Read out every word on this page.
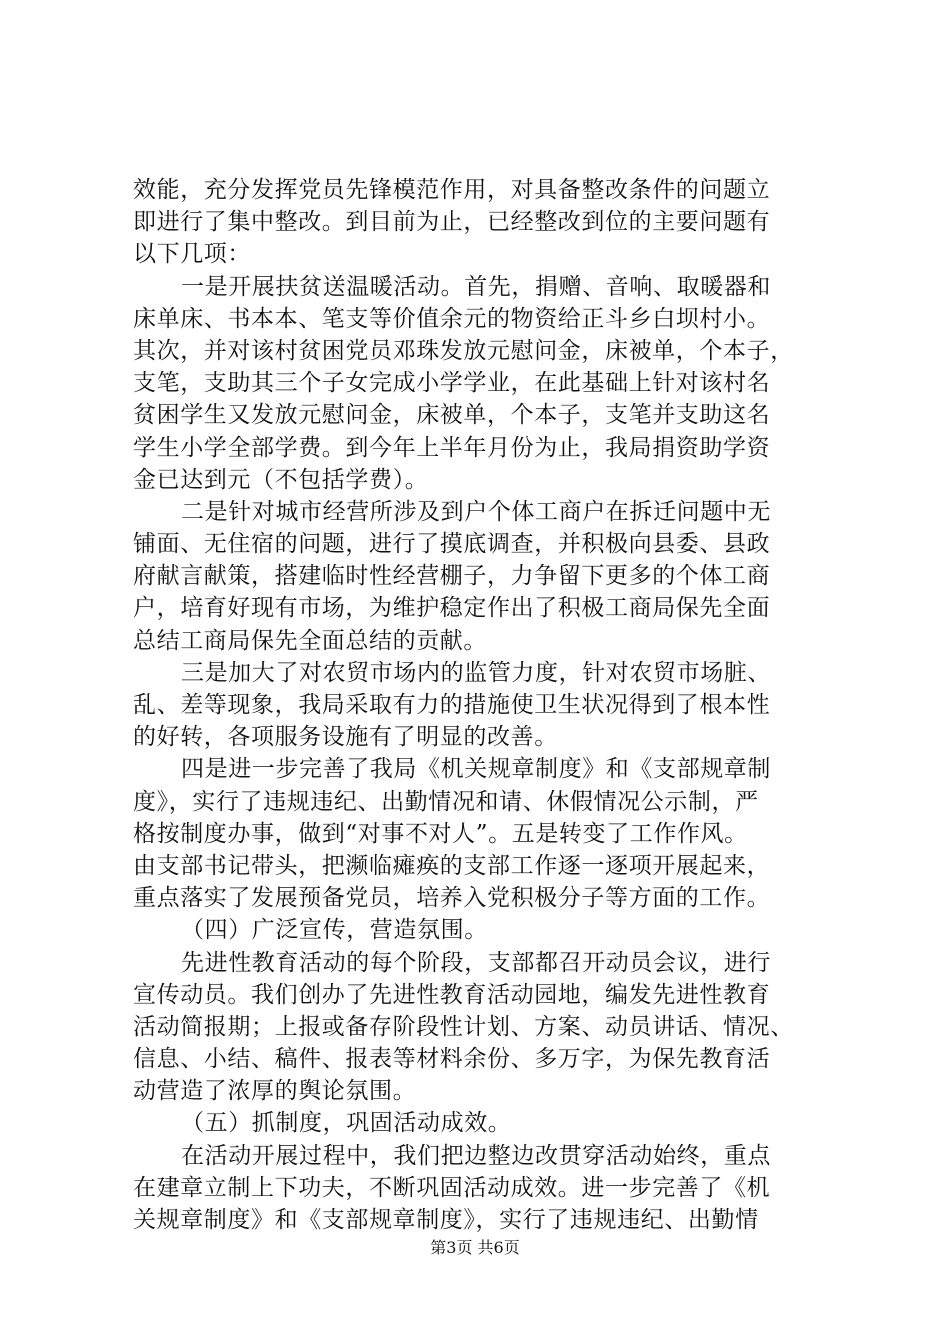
效能，充分发挥党员先锋模范作用，对具备整改条件的问题立
即进行了集中整改。到目前为止，已经整改到位的主要问题有
以下几项：
一是开展扶贫送温暖活动。首先，捐赠、音响、取暖器和
床单床、书本本、笔支等价值余元的物资给正斗乡白坝村小。
其次，并对该村贫困党员邓珠发放元慰问金，床被单，个本子，
支笔，支助其三个子女完成小学学业，在此基础上针对该村名
贫困学生又发放元慰问金，床被单，个本子，支笔并支助这名
学生小学全部学费。到今年上半年月份为止，我局捐资助学资
金已达到元（不包括学费）。
二是针对城市经营所涉及到户个体工商户在拆迁问题中无
铺面、无住宿的问题，进行了摸底调查，并积极向县委、县政
府献言献策，搭建临时性经营棚子，力争留下更多的个体工商
户，培育好现有市场，为维护稳定作出了积极工商局保先全面
总结工商局保先全面总结的贡献。
三是加大了对农贸市场内的监管力度，针对农贸市场脏、
乱、差等现象，我局采取有力的措施使卫生状况得到了根本性
的好转，各项服务设施有了明显的改善。
四是进一步完善了我局《机关规章制度》和《支部规章制
度》，实行了违规违纪、出勤情况和请、休假情况公示制，严
格按制度办事，做到“对事不对人”。五是转变了工作作风。
由支部书记带头，把濒临瘫痪的支部工作逐一逐项开展起来，
重点落实了发展预备党员，培养入党积极分子等方面的工作。
（四）广泛宣传，营造氛围。
先进性教育活动的每个阶段，支部都召开动员会议，进行
宣传动员。我们创办了先进性教育活动园地，编发先进性教育
活动简报期；上报或备存阶段性计划、方案、动员讲话、情况、
信息、小结、稿件、报表等材料余份、多万字，为保先教育活
动营造了浓厚的舆论氛围。
（五）抓制度，巩固活动成效。
在活动开展过程中，我们把边整边改贯穿活动始终，重点
在建章立制上下功夫，不断巩固活动成效。进一步完善了《机
关规章制度》和《支部规章制度》，实行了违规违纪、出勤情
第3页 共6页
